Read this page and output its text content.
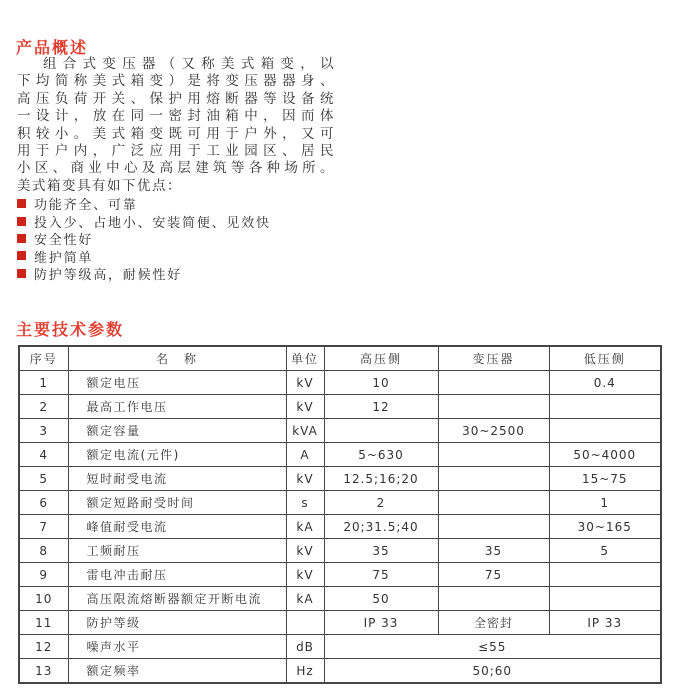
产品概述
组合式变压器（又称美式箱变，以
下均简称美式箱变）是将变压器器身、
高压负荷开关、保护用熔断器等设备统
一设计，放在同一密封油箱中，因而体
积较小。美式箱变既可用于户外，又可
用于户内，广泛应用于工业园区、居民
小区、商业中心及高层建筑等各种场所。
美式箱变具有如下优点：
功能齐全、可靠
投入少、占地小、安装简便、见效快
安全性好
维护简单
防护等级高，耐候性好
主要技术参数
序号	名　称	单位	高压侧	变压器	低压侧
1	额定电压	kV	10		0.4
2	最高工作电压	kV	12		
3	额定容量	kVA		30~2500	
4	额定电流(元件)	A	5~630		50~4000
5	短时耐受电流	kV	12.5;16;20		15~75
6	额定短路耐受时间	s	2		1
7	峰值耐受电流	kA	20;31.5;40		30~165
8	工频耐压	kV	35	35	5
9	雷电冲击耐压	kV	75	75	
10	高压限流熔断器额定开断电流	kA	50		
11	防护等级		IP 33	全密封	IP 33
12	噪声水平	dB	≤55		
13	额定频率	Hz	50;60		
